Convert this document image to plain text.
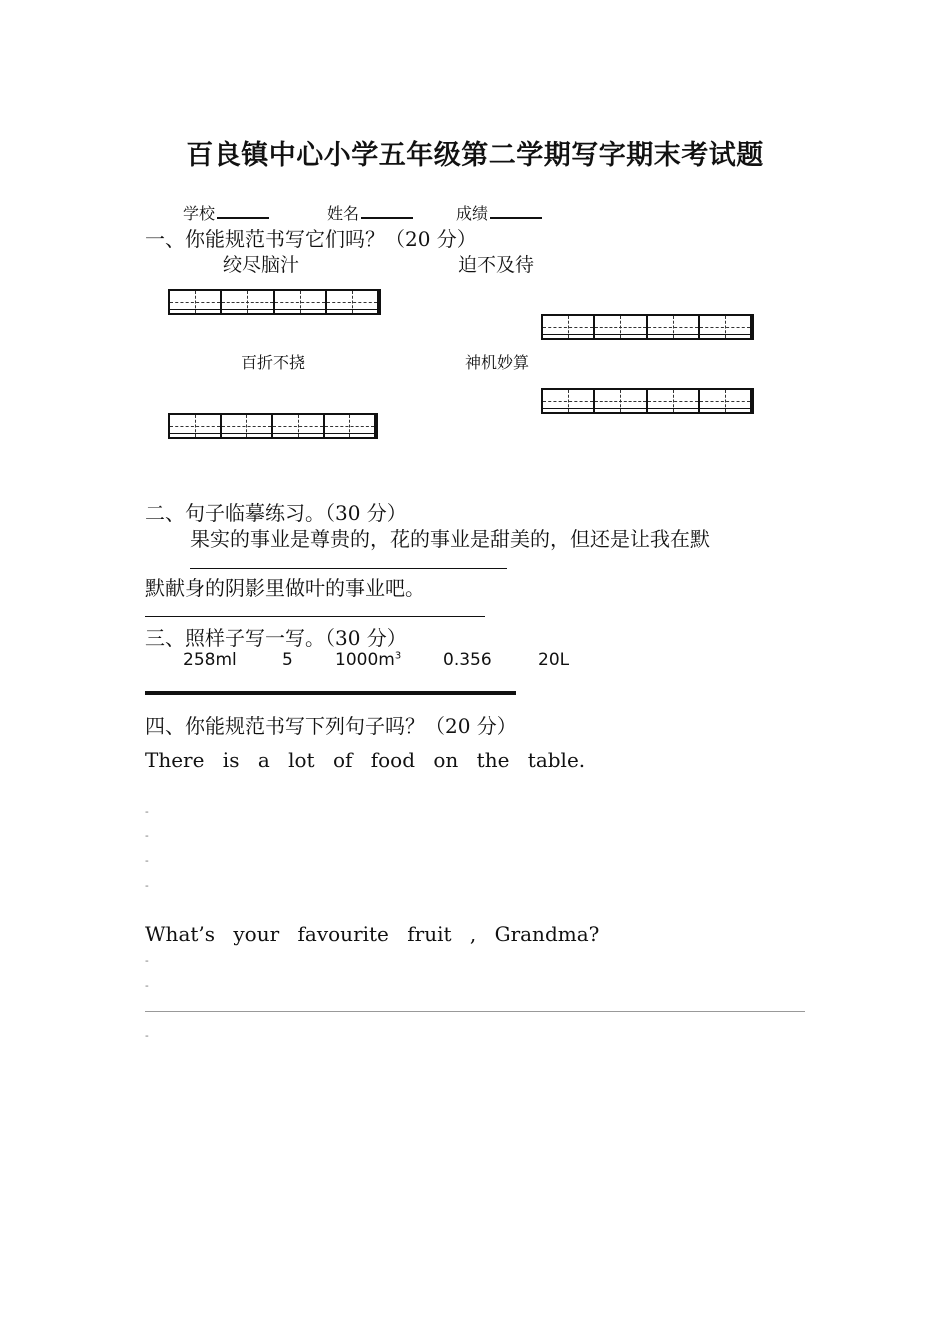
百良镇中心小学五年级第二学期写字期末考试题
学校	姓名	成绩
一、你能规范书写它们吗？（20 分）
绞尽脑汁	迫不及待
百折不挠	神机妙算
二、句子临摹练习。（30 分）
果实的事业是尊贵的，花的事业是甜美的，但还是让我在默
默献身的阴影里做叶的事业吧。
三、照样子写一写。（30 分）
258ml	5 $1000m^3$ 0.356	20L
四、你能规范书写下列句子吗？（20 分）
There is a lot of food on the table.
-
-
-
-
What’s your favourite fruit , Grandma?
-
-
-
